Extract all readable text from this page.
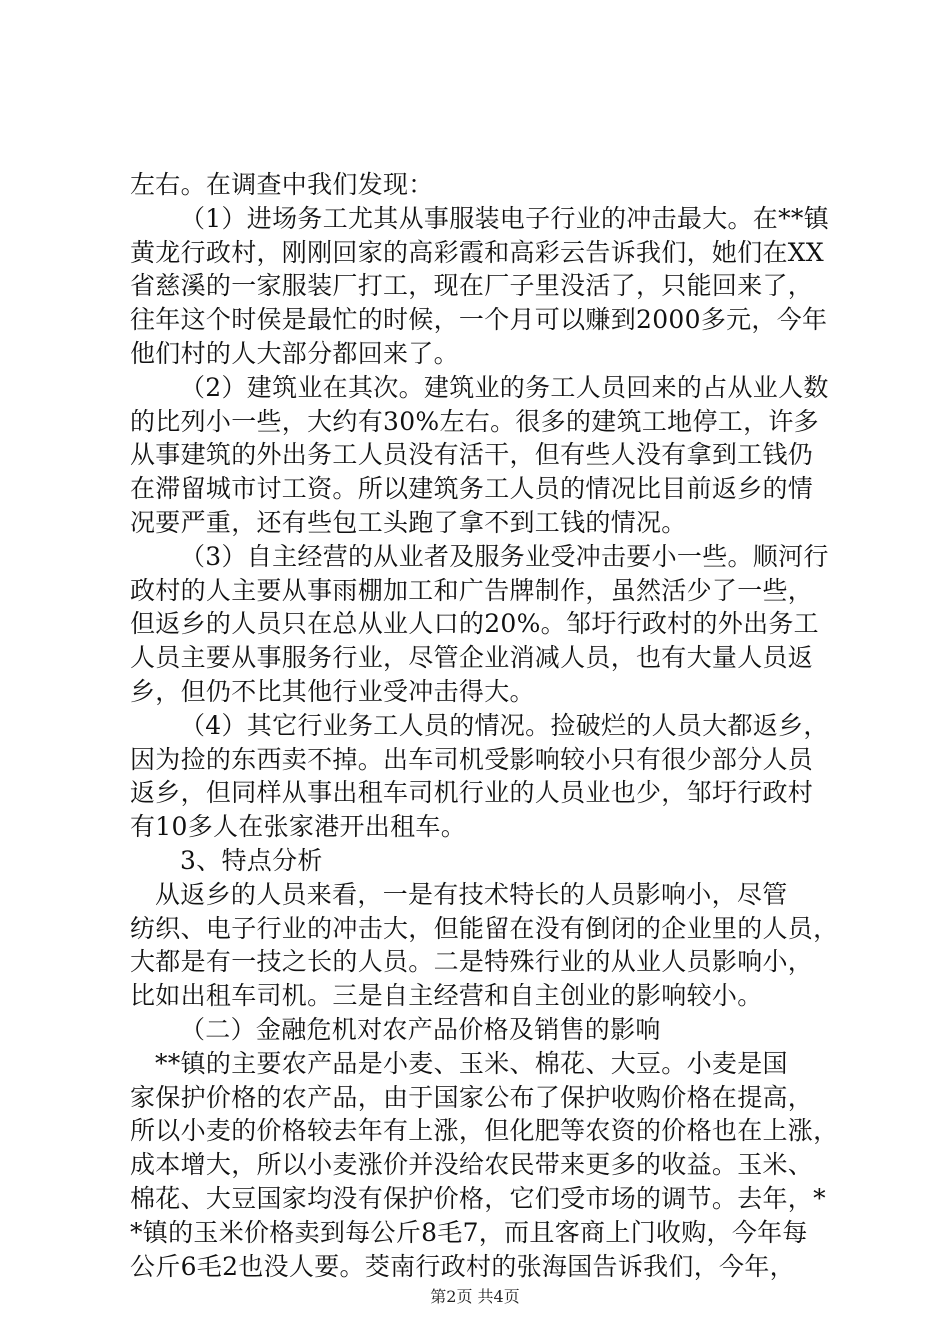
左右。在调查中我们发现：
（1）进场务工尤其从事服装电子行业的冲击最大。在**镇
黄龙行政村，刚刚回家的高彩霞和高彩云告诉我们，她们在XX
省慈溪的一家服装厂打工，现在厂子里没活了，只能回来了，
往年这个时侯是最忙的时候，一个月可以赚到2000多元，今年
他们村的人大部分都回来了。
（2）建筑业在其次。建筑业的务工人员回来的占从业人数
的比列小一些，大约有30%左右。很多的建筑工地停工，许多
从事建筑的外出务工人员没有活干，但有些人没有拿到工钱仍
在滞留城市讨工资。所以建筑务工人员的情况比目前返乡的情
况要严重，还有些包工头跑了拿不到工钱的情况。
（3）自主经营的从业者及服务业受冲击要小一些。顺河行
政村的人主要从事雨棚加工和广告牌制作，虽然活少了一些，
但返乡的人员只在总从业人口的20%。邹圩行政村的外出务工
人员主要从事服务行业，尽管企业消减人员，也有大量人员返
乡，但仍不比其他行业受冲击得大。
（4）其它行业务工人员的情况。捡破烂的人员大都返乡，
因为捡的东西卖不掉。出车司机受影响较小只有很少部分人员
返乡，但同样从事出租车司机行业的人员业也少，邹圩行政村
有10多人在张家港开出租车。
3、特点分析
从返乡的人员来看，一是有技术特长的人员影响小，尽管
纺织、电子行业的冲击大，但能留在没有倒闭的企业里的人员，
大都是有一技之长的人员。二是特殊行业的从业人员影响小，
比如出租车司机。三是自主经营和自主创业的影响较小。
（二）金融危机对农产品价格及销售的影响
**镇的主要农产品是小麦、玉米、棉花、大豆。小麦是国
家保护价格的农产品，由于国家公布了保护收购价格在提高，
所以小麦的价格较去年有上涨，但化肥等农资的价格也在上涨，
成本增大，所以小麦涨价并没给农民带来更多的收益。玉米、
棉花、大豆国家均没有保护价格，它们受市场的调节。去年，*
*镇的玉米价格卖到每公斤8毛7，而且客商上门收购，今年每
公斤6毛2也没人要。茭南行政村的张海国告诉我们，今年，
第2页 共4页
